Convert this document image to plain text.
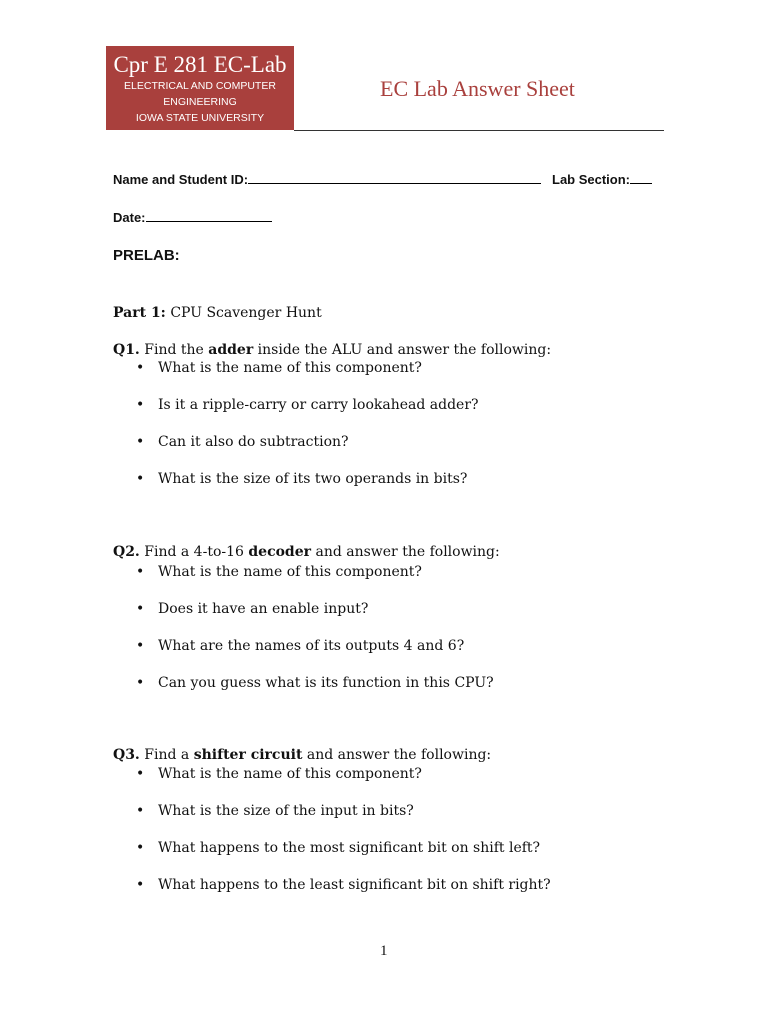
Cpr E 281 EC-Lab
ELECTRICAL AND COMPUTER
ENGINEERING
IOWA STATE UNIVERSITY
EC Lab Answer Sheet
Name and Student ID:	Lab Section:
Date:
PRELAB:
Part 1: CPU Scavenger Hunt
Q1. Find the adder inside the ALU and answer the following:
• What is the name of this component?
• Is it a ripple-carry or carry lookahead adder?
• Can it also do subtraction?
• What is the size of its two operands in bits?
Q2. Find a 4-to-16 decoder and answer the following:
• What is the name of this component?
• Does it have an enable input?
• What are the names of its outputs 4 and 6?
• Can you guess what is its function in this CPU?
Q3. Find a shifter circuit and answer the following:
• What is the name of this component?
• What is the size of the input in bits?
• What happens to the most significant bit on shift left?
• What happens to the least significant bit on shift right?
1
